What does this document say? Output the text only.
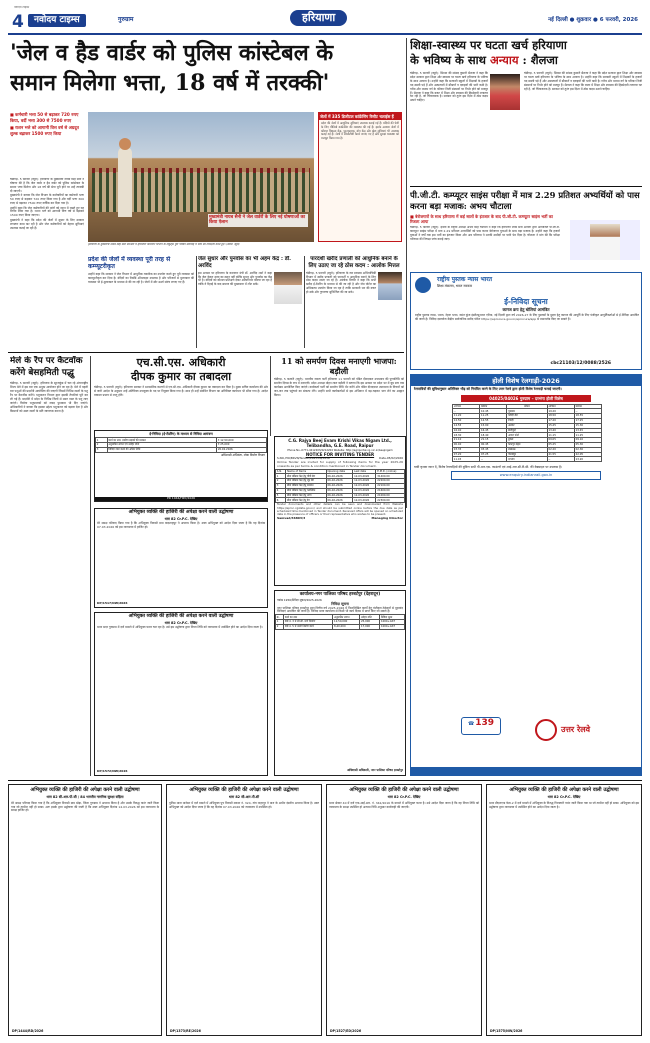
नवोदय टाइम्स
4	नवोदय टाइम्स	गुरुग्राम	हरियाणा	नई दिल्ली ● शुक्रवार ● 6 फरवरी, 2026
'जेल व हैड वार्डर को पुलिस कांस्टेबल के
समान मिलेगा भत्ता, 18 वर्ष में तरक्की'
■ कर्मचारी भत्ता 50 से बढ़ाकर 720 रुपए किया, वर्दी भत्ता 300 से 7500 रुपए
■ राशन भत्ते को आगामी वित्त वर्ष से अग्रदूत शुल्क बढ़ाकर 1500 रुपए किया

चंडीगढ़, 5 फरवरी (ब्यूरो): हरियाणा के मुख्यमंत्री नायब सिंह सैनी ने घोषणा की है कि जेल वार्डर व हैड वार्डर को पुलिस कांस्टेबल के समान भत्ता मिलेगा और 18 वर्ष की सेवा पूरी होने पर उन्हें तरक्की दी जाएगी।

मुख्यमंत्री ने बताया कि जेल विभाग के कर्मचारियों का कर्मचारी भत्ता 50 रुपए से बढ़ाकर 720 रुपए किया गया है और वर्दी भत्ता 300 रुपए से बढ़ाकर 7500 रुपए वार्षिक कर दिया गया है।

उन्होंने कहा कि जेल कर्मचारियों की मांगों को ध्यान में रखते हुए यह निर्णय लिया गया है। राशन भत्ते को आगामी वित्त वर्ष से बढ़ाकर 1500 रुपए किया जाएगा।

मुख्यमंत्री ने कहा कि प्रदेश की जेलों में सुधार के लिए सरकार लगातार काम कर रही है और जेल कर्मचारियों को बेहतर सुविधाएं उपलब्ध कराई जा रही हैं।

मुख्यमंत्री नायब सैनी ने जेल वार्डरों के लिए नई घोषणाओं का किया ऐलान
हरियाणा के मुख्यमंत्री नायब सिंह सैनी करनाल में हरियाणा कारागार विभाग के रिक्रूट्स पुल परेडिंग समारोह में परेड का निरीक्षण करते हुए। (छाया: ब्यूरो)
जेलों में 335 डिजीटल कांफ्रेंसिंग रिसीट चलाईस हैं
प्रदेश की जेलों में आधुनिक सुविधाएं उपलब्ध कराई गई हैं। बंदियों की पेशी के लिए वीडियो कांफ्रेंसिंग की व्यवस्था की गई है। इसके अलावा जेलों में कौशल विकास केंद्र, पुस्तकालय, योग केंद्र और खेल सुविधाएं भी उपलब्ध कराई गई हैं। जेलों में सीसीटीवी कैमरे लगाए गए हैं और सुरक्षा व्यवस्था को मजबूत किया गया है।
प्रदेश की जेलों में व्यवस्था पूरी तरह से कम्प्यूटरीकृत
उन्होंने कहा कि सरकार ने जेल विभाग में आधुनिक तकनीक का उपयोग करते हुए पूरी व्यवस्था को कम्प्यूटरीकृत कर दिया है। बंदियों का रिकॉर्ड ऑनलाइन उपलब्ध है और परिजनों से मुलाकात की व्यवस्था भी ई-मुलाकात के माध्यम से की जा रही है। जेलों में सौर ऊर्जा संयंत्र लगाए गए हैं।
जेल सुधार और पुनर्वास का भी अहम केंद्र : डॉ. अरविंद
इस अवसर पर हरियाणा के कारागार मंत्री डॉ. अरविंद शर्मा ने कहा कि जेल केवल सजा का स्थान नहीं बल्कि सुधार और पुनर्वास का केंद्र भी है। बंदियों को कौशल प्रशिक्षण देकर आत्मनिर्भर बनाया जा रहा है ताकि वे रिहाई के बाद समाज की मुख्यधारा में लौट सकें।
पारदर्शी खरीद प्रणाली को आधुनिक बनाने के लिए उठाए जा रहे ठोस कदम : आलोक मित्तल
चंडीगढ़, 5 फरवरी (ब्यूरो): हरियाणा के जन स्वास्थ्य अभियांत्रिकी विभाग में खरीद प्रणाली को पारदर्शी व आधुनिक बनाने के लिए ठोस कदम उठाए जा रहे हैं। आलोक मित्तल ने कहा कि सभी खरीद ई-टेंडरिंग के माध्यम से की जा रही है और जेम पोर्टल का अधिकतम उपयोग किया जा रहा है ताकि सरकारी धन की बचत हो सके और गुणवत्ता सुनिश्चित की जा सके।
शिक्षा-स्वास्थ्य पर घटता खर्च हरियाणा
के भविष्य के साथ अन्याय : शैलजा
चंडीगढ़, 5 फरवरी (ब्यूरो): सिरसा की सांसद कुमारी सैलजा ने कहा कि प्रदेश सरकार द्वारा शिक्षा और स्वास्थ्य पर घटता खर्च हरियाणा के भविष्य के साथ अन्याय है। उन्होंने कहा कि सरकारी स्कूलों में शिक्षकों के हजारों पद खाली पड़े हैं और अस्पतालों में डॉक्टरों व दवाइयों की भारी कमी है। गरीब और मध्यम वर्ग के परिवार निजी संस्थानों पर निर्भर होने को मजबूर हैं। सैलजा ने कहा कि बजट में शिक्षा और स्वास्थ्य की हिस्सेदारी लगातार घट रही है, जो चिंताजनक है। सरकार को तुरंत इस दिशा में ठोस कदम उठाने चाहिए।
चंडीगढ़, 5 फरवरी (ब्यूरो): सिरसा की सांसद कुमारी सैलजा ने कहा कि प्रदेश सरकार द्वारा शिक्षा और स्वास्थ्य पर घटता खर्च हरियाणा के भविष्य के साथ अन्याय है। उन्होंने कहा कि सरकारी स्कूलों में शिक्षकों के हजारों पद खाली पड़े हैं और अस्पतालों में डॉक्टरों व दवाइयों की भारी कमी है। गरीब और मध्यम वर्ग के परिवार निजी संस्थानों पर निर्भर होने को मजबूर हैं। सैलजा ने कहा कि बजट में शिक्षा और स्वास्थ्य की हिस्सेदारी लगातार घट रही है, जो चिंताजनक है। सरकार को तुरंत इस दिशा में ठोस कदम उठाने चाहिए।
पी.जी.टी. कम्प्यूटर साइंस परीक्षा में मात्र 2.29 प्रतिशत अभ्यर्थियों को पास करना बड़ा मजाक: अभय चौटाला
■ बेरोजगारों के साथ हरियाणा में कई सालों के इंतजार के बाद पी.जी.टी. कम्प्यूटर साइंस भर्ती का रिजल्ट आया
चंडीगढ़, 5 फरवरी (ब्यूरो): इनेलो के राष्ट्रीय अध्यक्ष अभय सिंह चौटाला ने कहा कि हरियाणा लोक सेवा आयोग द्वारा आयोजित पी.जी.टी. कम्प्यूटर साइंस परीक्षा में मात्र 2.29 प्रतिशत अभ्यर्थियों को पास करना बेरोजगार युवाओं के साथ बड़ा मजाक है। उन्होंने कहा कि हजारों युवाओं ने वर्षों तक इस भर्ती का इंतजार किया और अब परिणाम ने उनकी उम्मीदों पर पानी फेर दिया है। चौटाला ने मांग की कि परीक्षा परिणाम की निष्पक्ष जांच कराई जाए।
राष्ट्रीय पुस्तक न्यास भारत
शिक्षा मंत्रालय, भारत सरकार
ई-निविदा सूचना
कागज क्रय हेतु बोलियां आमंत्रित
राष्ट्रीय पुस्तक न्यास, भारत, नेहरू भवन, वसंत कुंज इंस्टीट्यूशनल एरिया, नई दिल्ली द्वारा वर्ष 2026-27 के लिए पुस्तकों के मुद्रण हेतु कागज की आपूर्ति के लिए पंजीकृत आपूर्तिकर्ताओं से ई-निविदा आमंत्रित की जाती है। निविदा दस्तावेज केंद्रीय सार्वजनिक खरीद पोर्टल https://eprocure.gov.in/eprocure/app से डाउनलोड किए जा सकते हैं।
cbc21103/12/0088/2526
मेले के रैंप पर कैटवॉक करेंगे बेसहमिती पद्धु
चंडीगढ़, 5 फरवरी (ब्यूरो): हरियाणा के सूरजकुंड में चल रहे अंतरराष्ट्रीय शिल्प मेले में इस बार एक अनूठा आयोजन होने जा रहा है। मेले में पहली बार पशुओं की प्रदर्शनी आयोजित की जाएगी जिसमें विभिन्न नस्लों के पशु रैंप पर कैटवॉक करेंगे। पशुपालन विभाग द्वारा इसकी तैयारियां पूरी कर ली गई हैं। प्रदर्शनी में प्रदेश के विभिन्न जिलों से उन्नत नस्ल के पशु लाए जाएंगे। विजेता पशुपालकों को नकद पुरस्कार भी दिए जाएंगे। अधिकारियों ने बताया कि इसका उद्देश्य पशुपालन को बढ़ावा देना है और किसानों को उन्नत नस्लों के प्रति जागरूक करना है।
एच.सी.एस. अधिकारी
दीपक कुमार का तबादला
चंडीगढ़, 5 फरवरी (ब्यूरो): हरियाणा सरकार ने प्रशासनिक कारणों से एच.सी.एस. अधिकारी दीपक कुमार का तबादला कर दिया है। मुख्य सचिव कार्यालय की ओर से जारी आदेश के अनुसार उन्हें अतिरिक्त उपायुक्त के पद पर नियुक्त किया गया है। साथ ही उन्हें संबंधित विभाग का अतिरिक्त कार्यभार भी सौंपा गया है। आदेश तत्काल प्रभाव से लागू होंगे।
ई-निविदा (ई-टेंडरिंग) के माध्यम से निविदा आमंत्रण
1	कार्य का नाम: ग्रामीण सड़कों की मरम्मत	₹ 12,50,000
2	अनुमानित लागत एवं धरोहर राशि	₹ 25,000
3	निविदा जमा करने की अंतिम तिथि	20.02.2026
अधिशासी अभियंता, लोक निर्माण विभाग
PR 1044/HRY/2026
11 को समर्पण दिवस मनाएगी भाजपा: बड़ौली
चंडीगढ़, 5 फरवरी (ब्यूरो): भारतीय जनता पार्टी हरियाणा 11 फरवरी को पंडित दीनदयाल उपाध्याय की पुण्यतिथि को समर्पण दिवस के रूप में मनाएगी। प्रदेश अध्यक्ष मोहन लाल बड़ौली ने बताया कि इस अवसर पर प्रदेश भर में बूथ स्तर तक कार्यक्रम आयोजित किए जाएंगे। कार्यकर्ता पार्टी को समर्पण निधि भेंट करेंगे और पंडित दीनदयाल उपाध्याय के विचारों को जन-जन तक पहुंचाने का संकल्प लेंगे। उन्होंने सभी कार्यकर्ताओं से इस अभियान में बढ़-चढ़कर भाग लेने का आह्वान किया।
C.G. Rajya Beej Evam Krishi Vikas Nigam Ltd., Telibandha, G.E. Road, Raipur
Phone No.-0771-4212203/4212204 Website: http://agriportal.cg.nic.in/beejnigam
NOTICE FOR INVITING TENDER
S.NO./HO/BKVN/Tender/2025-26/5239	Date-05/02/2026
Online Tender are invited for supply of following items for the year 2025-26 onwards as per terms & condition mentioned in Tender document.
S.N.	Name of Items	Opening date	Last date	E.M.D. (online)
1	बीज प्रक्रिया केंद्र हेतु पीपी बैग	06-02-2026	12-03-2026	31400.00
2	बीज प्रक्रिया केंद्र हेतु जूट बैग	06-02-2026	12-03-2026	22200.00
3	बीज प्रक्रिया केंद्र हेतु रसायन	06-02-2026	12-03-2026	22100.00
4	बीज प्रक्रिया केंद्र हेतु प्लास्टिक	06-02-2026	12-03-2026	21600.00
5	बीज प्रक्रिया केंद्र हेतु धागा	06-02-2026	12-03-2026	21000.00
6	बीज प्रक्रिया केंद्र हेतु टैग	06-02-2026	12-03-2026	22300.00
Tender documents and other details can be seen and downloaded from Website https://eproc.cgstate.gov.in/ and should be submitted online before the due date as per scheduled time mentioned in Tender document. Received offers will be opened on scheduled date in the presence of officers or their representative who wishes to be present.
Samvad/46803/3	Managing Director
अभियुक्त व्यक्ति की हाजिरी की अपेक्षा करने वाली उद्घोषणा
धारा 82 Cr.P.C. देखिए
मेरे समक्ष परिवाद किया गया है कि अभियुक्त निवासी ग्राम बादशाहपुर ने अपराध किया है। उक्त अभियुक्त को आदेश दिया जाता है कि वह दिनांक 07.03.2026 को इस न्यायालय में हाजिर हो।
DP/1517/DW/2026
अभियुक्त व्यक्ति की हाजिरी की अपेक्षा करने वाली उद्घोषणा
धारा 82 Cr.P.C. देखिए
थाना सदर गुरुग्राम में दर्ज मामले में अभियुक्त फरार चल रहा है। उसे इस उद्घोषणा द्वारा नियत तिथि को न्यायालय में उपस्थित होने का आदेश दिया जाता है।
DP/1572/NW/2026
कार्यालय-नगर पालिका परिषद हरबर्टपुर (देहरादून)
पत्रांक 1956/निविदा सूचना/2025-2026
निविदा सूचना
नगर पालिका परिषद हरबर्टपुर द्वारा वित्तीय वर्ष 2025-2026 में निम्नलिखित कार्यों हेतु पंजीकृत ठेकेदारों से मुहरबंद निविदाएं आमंत्रित की जाती हैं। निविदा प्रपत्र कार्यालय से किसी भी कार्य दिवस में प्राप्त किए जा सकते हैं।
क्र.	कार्य का नाम	अनुमानित लागत	धरोहर राशि	निविदा मूल्य
1	वार्ड नं. 3 में सी.सी. मार्ग निर्माण	12,50,000	25,000	1000+GST
2	वार्ड नं. 5 में नाली निर्माण कार्य	8,40,000	17,000	1000+GST
अधिशासी अधिकारी, नगर पालिका परिषद हरबर्टपुर
होली विशेष रेलगाड़ी-2026
रेलयात्रियों की सुविधानुसार अतिरिक्त भीड़ को नियंत्रित करने के लिए उत्तर रेलवे द्वारा होली विशेष रेलगाड़ी चलाई जाएगी।
04025/04026 गुरुग्राम – दरभंगा होली विशेष
आगमन	प्रस्थान	स्टेशन	आगमन	प्रस्थान
--	10.45	गुरुग्राम	19.20	--
11.20	11.25	पटौदी रोड	18.50	18.55
12.50	12.55	रेवाड़ी	17.20	17.25
14.55	15.00	अलवर	15.25	15.30
16.40	16.45	बांदीकुई	13.40	13.45
18.30	18.40	आगरा फोर्ट	11.15	11.25
21.10	21.15	टूंडला	09.05	09.10
00.40	00.45	कानपुर सेंट्रल	05.25	05.30
03.35	03.45	लखनऊ	02.20	02.30
07.20	07.25	गोरखपुर	21.55	22.05
11.45	--	दरभंगा	--	13.20
यात्री कृपया ध्यान दें, विशेष रेलगाड़ियों की बुकिंग सभी पी.आर.एस. काउंटरों एवं आई.आर.सी.टी.सी. की वेबसाइट पर उपलब्ध है।
www.enquiry.indianrail.gov.in
☎ 139
उत्तर रेलवे
अभियुक्त व्यक्ति की हाजिरी की अपेक्षा करने वाली उद्घोषणा
धारा 82 सी.आर.पी.सी / 84 भारतीय नागरिक सुरक्षा संहिता
मेरे समक्ष परिवाद किया गया है कि अभियुक्त निवासी ग्राम खेड़ा, जिला गुरुग्राम ने अपराध किया है और उसके विरुद्ध वारंट जारी किया गया जो तामील नहीं हो सका। अतः इसके द्वारा उद्घोषणा की जाती है कि उक्त अभियुक्त दिनांक 14.03.2026 को इस न्यायालय के समक्ष हाजिर हो।
DP/1444/RD/2026
अभियुक्त व्यक्ति की हाजिरी की अपेक्षा करने वाली उद्घोषणा
धारा 82 सी.आर.पी.सी
पुलिस थाना मानेसर में दर्ज मामले में अभियुक्त पुत्र निवासी मकान नं. 324, गांव नाहरपुर ने धारा के अधीन दंडनीय अपराध किया है। उक्त अभियुक्त को आदेश दिया जाता है कि वह दिनांक 07.03.2026 को न्यायालय में उपस्थित हो।
DP/1373/RE/2026
अभियुक्त व्यक्ति की हाजिरी की अपेक्षा करने वाली उद्घोषणा
धारा 82 Cr.P.C. देखिए
थाना सेक्टर 40 में दर्ज एफ.आई.आर. नं. 342/2016 के मामले में अभियुक्त फरार है। उसे आदेश दिया जाता है कि वह नियत तिथि को न्यायालय के समक्ष उपस्थित हो अन्यथा विधि अनुसार कार्यवाही की जाएगी।
DP/1527/ED/2026
अभियुक्त व्यक्ति की हाजिरी की अपेक्षा करने वाली उद्घोषणा
धारा 82 Cr.P.C. देखिए
थाना डीएलएफ फेज-2 में दर्ज मामले में अभियुक्त के विरुद्ध गिरफ्तारी वारंट जारी किया गया था जो तामील नहीं हो सका। अभियुक्त को इस उद्घोषणा द्वारा न्यायालय में उपस्थित होने का आदेश दिया जाता है।
DP/1575/NW/2026
